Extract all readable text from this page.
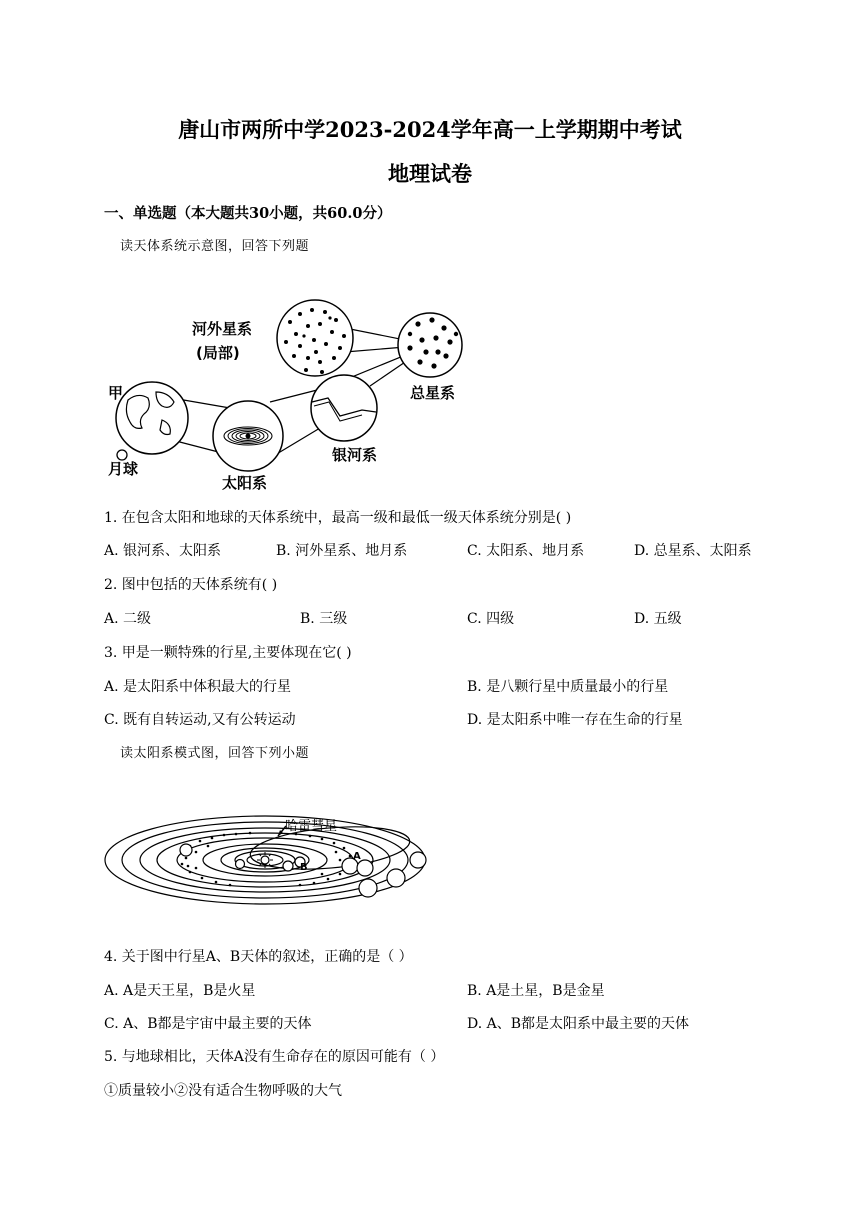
唐山市两所中学2023-2024学年高一上学期期中考试
地理试卷
一、单选题（本大题共30小题，共60.0分）
读天体系统示意图，回答下列题
河外星系
(局部)
甲
月球
太阳系
银河系
总星系
1. 在包含太阳和地球的天体系统中，最高一级和最低一级天体系统分别是( )
A. 银河系、太阳系	B. 河外星系、地月系	C. 太阳系、地月系	D. 总星系、太阳系
2. 图中包括的天体系统有( )
A. 二级	B. 三级	C. 四级	D. 五级
3. 甲是一颗特殊的行星,主要体现在它( )
A. 是太阳系中体积最大的行星	B. 是八颗行星中质量最小的行星
C. 既有自转运动,又有公转运动	D. 是太阳系中唯一存在生命的行星
读太阳系模式图，回答下列小题
哈雷彗星
A
B
4. 关于图中行星A、B天体的叙述，正确的是（ ）
A. A是天王星，B是火星	B. A是土星，B是金星
C. A、B都是宇宙中最主要的天体	D. A、B都是太阳系中最主要的天体
5. 与地球相比，天体A没有生命存在的原因可能有（ ）
①质量较小②没有适合生物呼吸的大气
